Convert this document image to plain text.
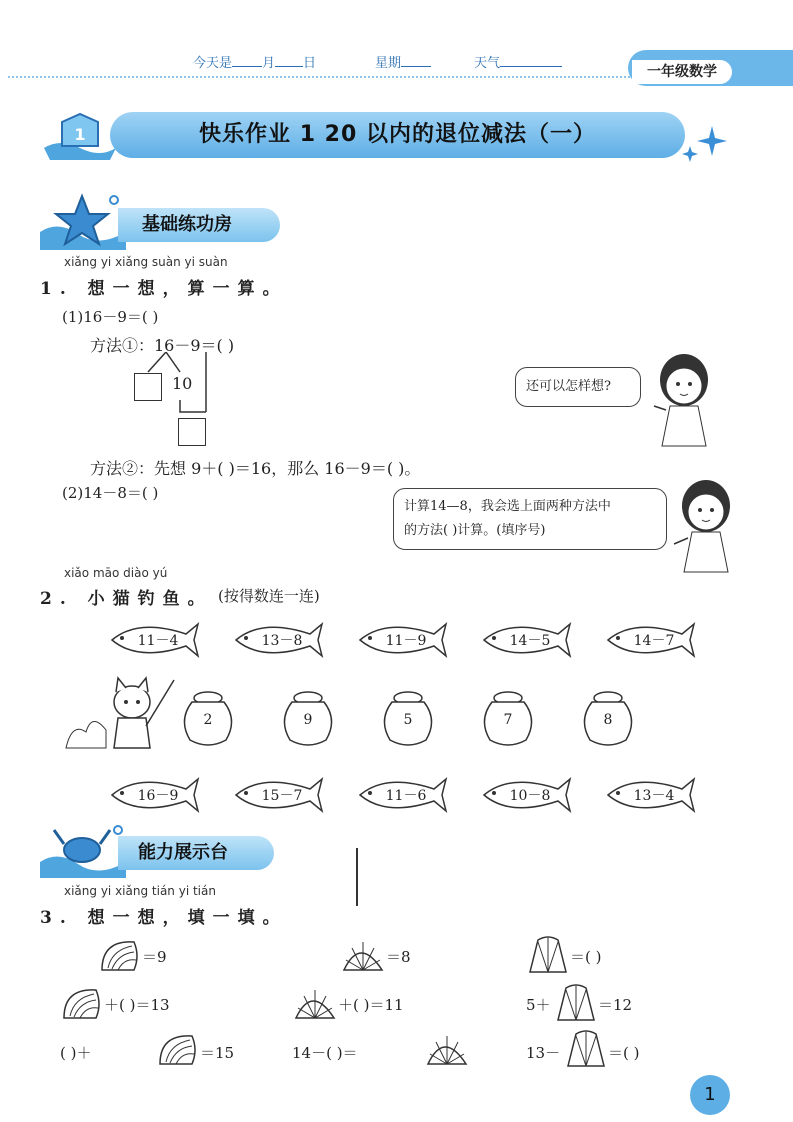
今天是 月 日	星期	天气
一年级数学
1	快乐作业 1 20 以内的退位减法（一）
基础练功房
xiǎng yi xiǎng suàn yi suàn
1. 想一想，算一算。
(1)16－9＝( )
方法①：16－9＝( )
10
方法②：先想 9＋( )＝16，那么 16－9＝( )。
(2)14－8＝( )
还可以怎样想?
计算14—8，我会选上面两种方法中
的方法( )计算。(填序号)
xiǎo māo diào yú
2. 小猫钓鱼。 (按得数连一连)
11－4	13－8	11－9	14－5	14－7
2	9	5	7	8
16－9	15－7	11－6	10－8	13－4
能力展示台
xiǎng yi xiǎng tián yi tián
3. 想一想，填一填。
＝9	＝8	＝( )
＋( )＝13	＋( )＝11	5＋	＝12
( )＋	＝15	14－( )＝	13－	＝( )
1
